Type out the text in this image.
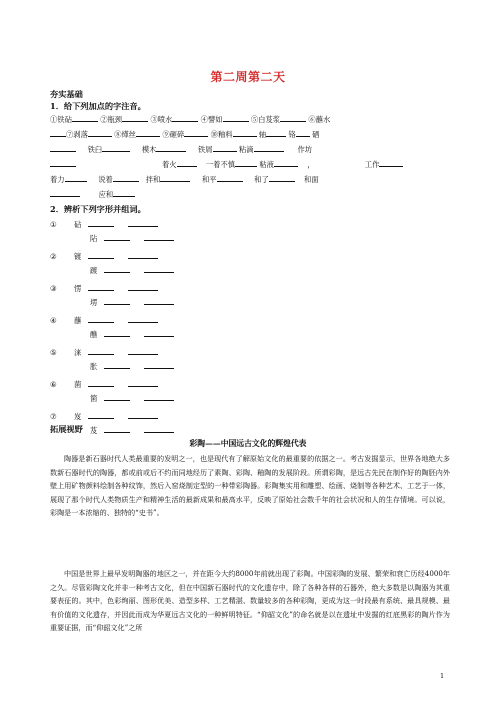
第二周第二天
夯实基础
1．给下列加点的字注音。
①铁砧	②瓶颈	③喷水	④譬如	⑤白芨浆	⑥蘸水
⑦剥落	⑧缂丝	⑨砸碎	⑩釉料	轴	铬 硒
铁臼	模木	铁屑	粘滴	作坊
着火	一着不慎	粘液	，	工作
着力	说着	拌和	和平	和了	和面
应和
2．辨析下列字形并组词。
① 砧
阽
② 镀
踱
③ 愣
塄
④ 蘸
醮
⑤ 涞
胀
⑥ 菌
箘
⑦ 岌
芨
拓展视野
彩陶——中国远古文化的辉煌代表
陶器是新石器时代人类最重要的发明之一，也是现代有了解原始文化的最重要的依据之一。考古发掘显示，世界各地绝大多数新石器时代的陶器，都或前或后不约而同地经历了素陶、彩陶、釉陶的发展阶段。所谓彩陶，是远古先民在制作好的陶胚内外壁上用矿物颜料绘制各种纹饰，然后入窑烧制定型的一种带彩陶器。彩陶集实用和雕塑、绘画、烧制等各种艺术、工艺于一体，展现了那个时代人类物质生产和精神生活的最新成果和最高水平，反映了原始社会数千年的社会状况和人的生存情境。可以说，彩陶是一本浓缩的、独特的“史书”。
中国是世界上最早发明陶器的地区之一，并在距今大约8000年前就出现了彩陶。中国彩陶的发展、繁荣和衰亡历经4000年之久。尽管彩陶文化并非一种考古文化，但在中国新石器时代的文化遗存中，除了各种各样的石器外，绝大多数是以陶器为其重要表征的。其中，色彩绚丽、图形优美、造型多样、工艺精湛、数量较多的各种彩陶，更成为这一时段最有系统、最具规模、最有价值的文化遗存，并因此而成为华夏远古文化的一种鲜明特征。“仰韶文化”的命名就是以在遗址中发掘的红底黑彩的陶片作为重要证据，而“仰韶文化”之所
1
